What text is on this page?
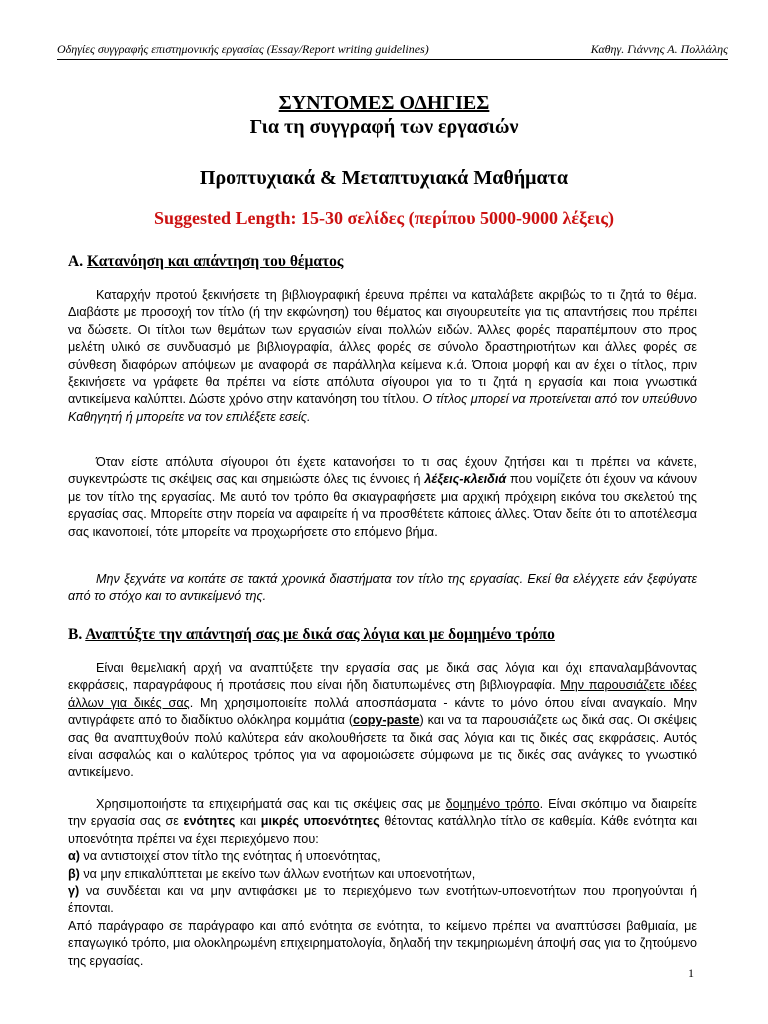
Οδηγίες συγγραφής επιστημονικής εργασίας (Essay/Report writing guidelines)	Καθηγ. Γιάννης Α. Πολλάλης

ΣΥΝΤΟΜΕΣ ΟΔΗΓΙΕΣ
Για τη συγγραφή των εργασιών
Προπτυχιακά & Μεταπτυχιακά Μαθήματα
Suggested Length: 15-30 σελίδες (περίπου 5000-9000 λέξεις)
Α. Κατανόηση και απάντηση του θέματος
Καταρχήν προτού ξεκινήσετε τη βιβλιογραφική έρευνα πρέπει να καταλάβετε ακριβώς το τι ζητά το θέμα. Διαβάστε με προσοχή τον τίτλο (ή την εκφώνηση) του θέματος και σιγουρευτείτε για τις απαντήσεις που πρέπει να δώσετε. Οι τίτλοι των θεμάτων των εργασιών είναι πολλών ειδών. Άλλες φορές παραπέμπουν στο προς μελέτη υλικό σε συνδυασμό με βιβλιογραφία, άλλες φορές σε σύνολο δραστηριοτήτων και άλλες φορές σε σύνθεση διαφόρων απόψεων με αναφορά σε παράλληλα κείμενα κ.ά. Όποια μορφή και αν έχει ο τίτλος, πριν ξεκινήσετε να γράφετε θα πρέπει να είστε απόλυτα σίγουροι για το τι ζητά η εργασία και ποια γνωστικά αντικείμενα καλύπτει. Δώστε χρόνο στην κατανόηση του τίτλου. Ο τίτλος μπορεί να προτείνεται από τον υπεύθυνο Καθηγητή ή μπορείτε να τον επιλέξετε εσείς.
Όταν είστε απόλυτα σίγουροι ότι έχετε κατανοήσει το τι σας έχουν ζητήσει και τι πρέπει να κάνετε, συγκεντρώστε τις σκέψεις σας και σημειώστε όλες τις έννοιες ή λέξεις-κλειδιά που νομίζετε ότι έχουν να κάνουν με τον τίτλο της εργασίας. Με αυτό τον τρόπο θα σκιαγραφήσετε μια αρχική πρόχειρη εικόνα του σκελετού της εργασίας σας. Μπορείτε στην πορεία να αφαιρείτε ή να προσθέτετε κάποιες άλλες. Όταν δείτε ότι το αποτέλεσμα σας ικανοποιεί, τότε μπορείτε να προχωρήσετε στο επόμενο βήμα.
Μην ξεχνάτε να κοιτάτε σε τακτά χρονικά διαστήματα τον τίτλο της εργασίας. Εκεί θα ελέγχετε εάν ξεφύγατε από το στόχο και το αντικείμενό της.
Β. Αναπτύξτε την απάντησή σας με δικά σας λόγια και με δομημένο τρόπο
Είναι θεμελιακή αρχή να αναπτύξετε την εργασία σας με δικά σας λόγια και όχι επαναλαμβάνοντας εκφράσεις, παραγράφους ή προτάσεις που είναι ήδη διατυπωμένες στη βιβλιογραφία. Μην παρουσιάζετε ιδέες άλλων για δικές σας. Μη χρησιμοποιείτε πολλά αποσπάσματα - κάντε το μόνο όπου είναι αναγκαίο. Μην αντιγράφετε από το διαδίκτυο ολόκληρα κομμάτια (copy-paste) και να τα παρουσιάζετε ως δικά σας. Οι σκέψεις σας θα αναπτυχθούν πολύ καλύτερα εάν ακολουθήσετε τα δικά σας λόγια και τις δικές σας εκφράσεις. Αυτός είναι ασφαλώς και ο καλύτερος τρόπος για να αφομοιώσετε σύμφωνα με τις δικές σας ανάγκες το γνωστικό αντικείμενο.
Χρησιμοποιήστε τα επιχειρήματά σας και τις σκέψεις σας με δομημένο τρόπο. Είναι σκόπιμο να διαιρείτε την εργασία σας σε ενότητες και μικρές υποενότητες θέτοντας κατάλληλο τίτλο σε καθεμία. Κάθε ενότητα και υποενότητα πρέπει να έχει περιεχόμενο που:
α) να αντιστοιχεί στον τίτλο της ενότητας ή υποενότητας,
β) να μην επικαλύπτεται με εκείνο των άλλων ενοτήτων και υποενοτήτων,
γ) να συνδέεται και να μην αντιφάσκει με το περιεχόμενο των ενοτήτων-υποενοτήτων που προηγούνται ή έπονται.
Από παράγραφο σε παράγραφο και από ενότητα σε ενότητα, το κείμενο πρέπει να αναπτύσσει βαθμιαία, με επαγωγικό τρόπο, μια ολοκληρωμένη επιχειρηματολογία, δηλαδή την τεκμηριωμένη άποψή σας για το ζητούμενο της εργασίας.
1
